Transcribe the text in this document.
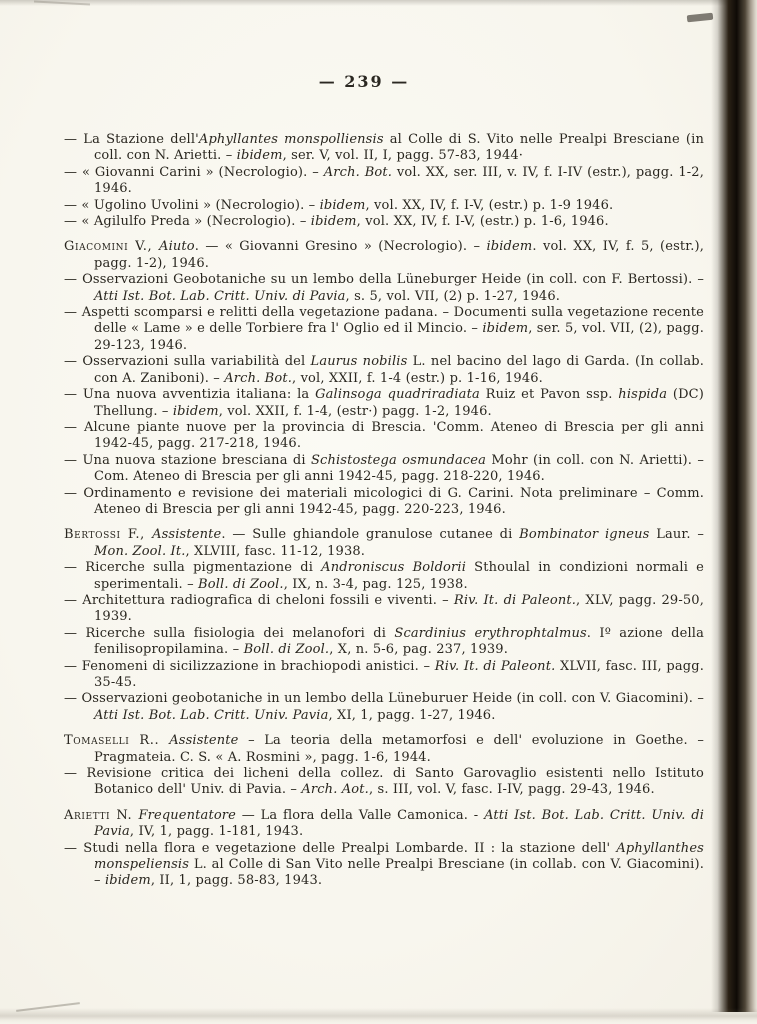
— 239 —

— La Stazione dell'Aphyllantes monspolliensis al Colle di S. Vito nelle Prealpi Bresciane (in coll. con N. Arietti. – ibidem, ser. V, vol. II, I, pagg. 57-83, 1944·

— « Giovanni Carini » (Necrologio). – Arch. Bot. vol. XX, ser. III, v. IV, f. I-IV (estr.), pagg. 1-2, 1946.

— « Ugolino Uvolini » (Necrologio). – ibidem, vol. XX, IV, f. I-V, (estr.) p. 1-9 1946.

— « Agilulfo Preda » (Necrologio). – ibidem, vol. XX, IV, f. I-V, (estr.) p. 1-6, 1946.

Giacomini V., Aiuto. — « Giovanni Gresino » (Necrologio). – ibidem. vol. XX, IV, f. 5, (estr.), pagg. 1-2), 1946.

— Osservazioni Geobotaniche su un lembo della Lüneburger Heide (in coll. con F. Bertossi). – Atti Ist. Bot. Lab. Critt. Univ. di Pavia, s. 5, vol. VII, (2) p. 1-27, 1946.

— Aspetti scomparsi e relitti della vegetazione padana. – Documenti sulla vegetazione recente delle « Lame » e delle Torbiere fra l' Oglio ed il Mincio. – ibidem, ser. 5, vol. VII, (2), pagg. 29-123, 1946.

— Osservazioni sulla variabilità del Laurus nobilis L. nel bacino del lago di Garda. (In collab. con A. Zaniboni). – Arch. Bot., vol, XXII, f. 1-4 (estr.) p. 1-16, 1946.

— Una nuova avventizia italiana: la Galinsoga quadriradiata Ruiz et Pavon ssp. hispida (DC) Thellung. – ibidem, vol. XXII, f. 1-4, (estr·) pagg. 1-2, 1946.

— Alcune piante nuove per la provincia di Brescia. 'Comm. Ateneo di Brescia per gli anni 1942-45, pagg. 217-218, 1946.

— Una nuova stazione bresciana di Schistostega osmundacea Mohr (in coll. con N. Arietti). – Com. Ateneo di Brescia per gli anni 1942-45, pagg. 218-220, 1946.

— Ordinamento e revisione dei materiali micologici di G. Carini. Nota preliminare – Comm. Ateneo di Brescia per gli anni 1942-45, pagg. 220-223, 1946.

Bertossi F., Assistente. — Sulle ghiandole granulose cutanee di Bombinator igneus Laur. – Mon. Zool. It., XLVIII, fasc. 11-12, 1938.

— Ricerche sulla pigmentazione di Androniscus Boldorii Sthoulal in condizioni normali e sperimentali. – Boll. di Zool., IX, n. 3-4, pag. 125, 1938.

— Architettura radiografica di cheloni fossili e viventi. – Riv. It. di Paleont., XLV, pagg. 29-50, 1939.

— Ricerche sulla fisiologia dei melanofori di Scardinius erythrophtalmus. Iº azione della fenilisopropilamina. – Boll. di Zool., X, n. 5-6, pag. 237, 1939.

— Fenomeni di sicilizzazione in brachiopodi anistici. – Riv. It. di Paleont. XLVII, fasc. III, pagg. 35-45.

— Osservazioni geobotaniche in un lembo della Lüneburuer Heide (in coll. con V. Giacomini). – Atti Ist. Bot. Lab. Critt. Univ. Pavia, XI, 1, pagg. 1-27, 1946.

Tomaselli R.. Assistente – La teoria della metamorfosi e dell' evoluzione in Goethe. – Pragmateia. C. S. « A. Rosmini », pagg. 1-6, 1944.

— Revisione critica dei licheni della collez. di Santo Garovaglio esistenti nello Istituto Botanico dell' Univ. di Pavia. – Arch. Aot., s. III, vol. V, fasc. I-IV, pagg. 29-43, 1946.

Arietti N. Frequentatore — La flora della Valle Camonica. - Atti Ist. Bot. Lab. Critt. Univ. di Pavia, IV, 1, pagg. 1-181, 1943.

— Studi nella flora e vegetazione delle Prealpi Lombarde. II : la stazione dell' Aphyllanthes monspeliensis L. al Colle di San Vito nelle Prealpi Bresciane (in collab. con V. Giacomini). – ibidem, II, 1, pagg. 58-83, 1943.
